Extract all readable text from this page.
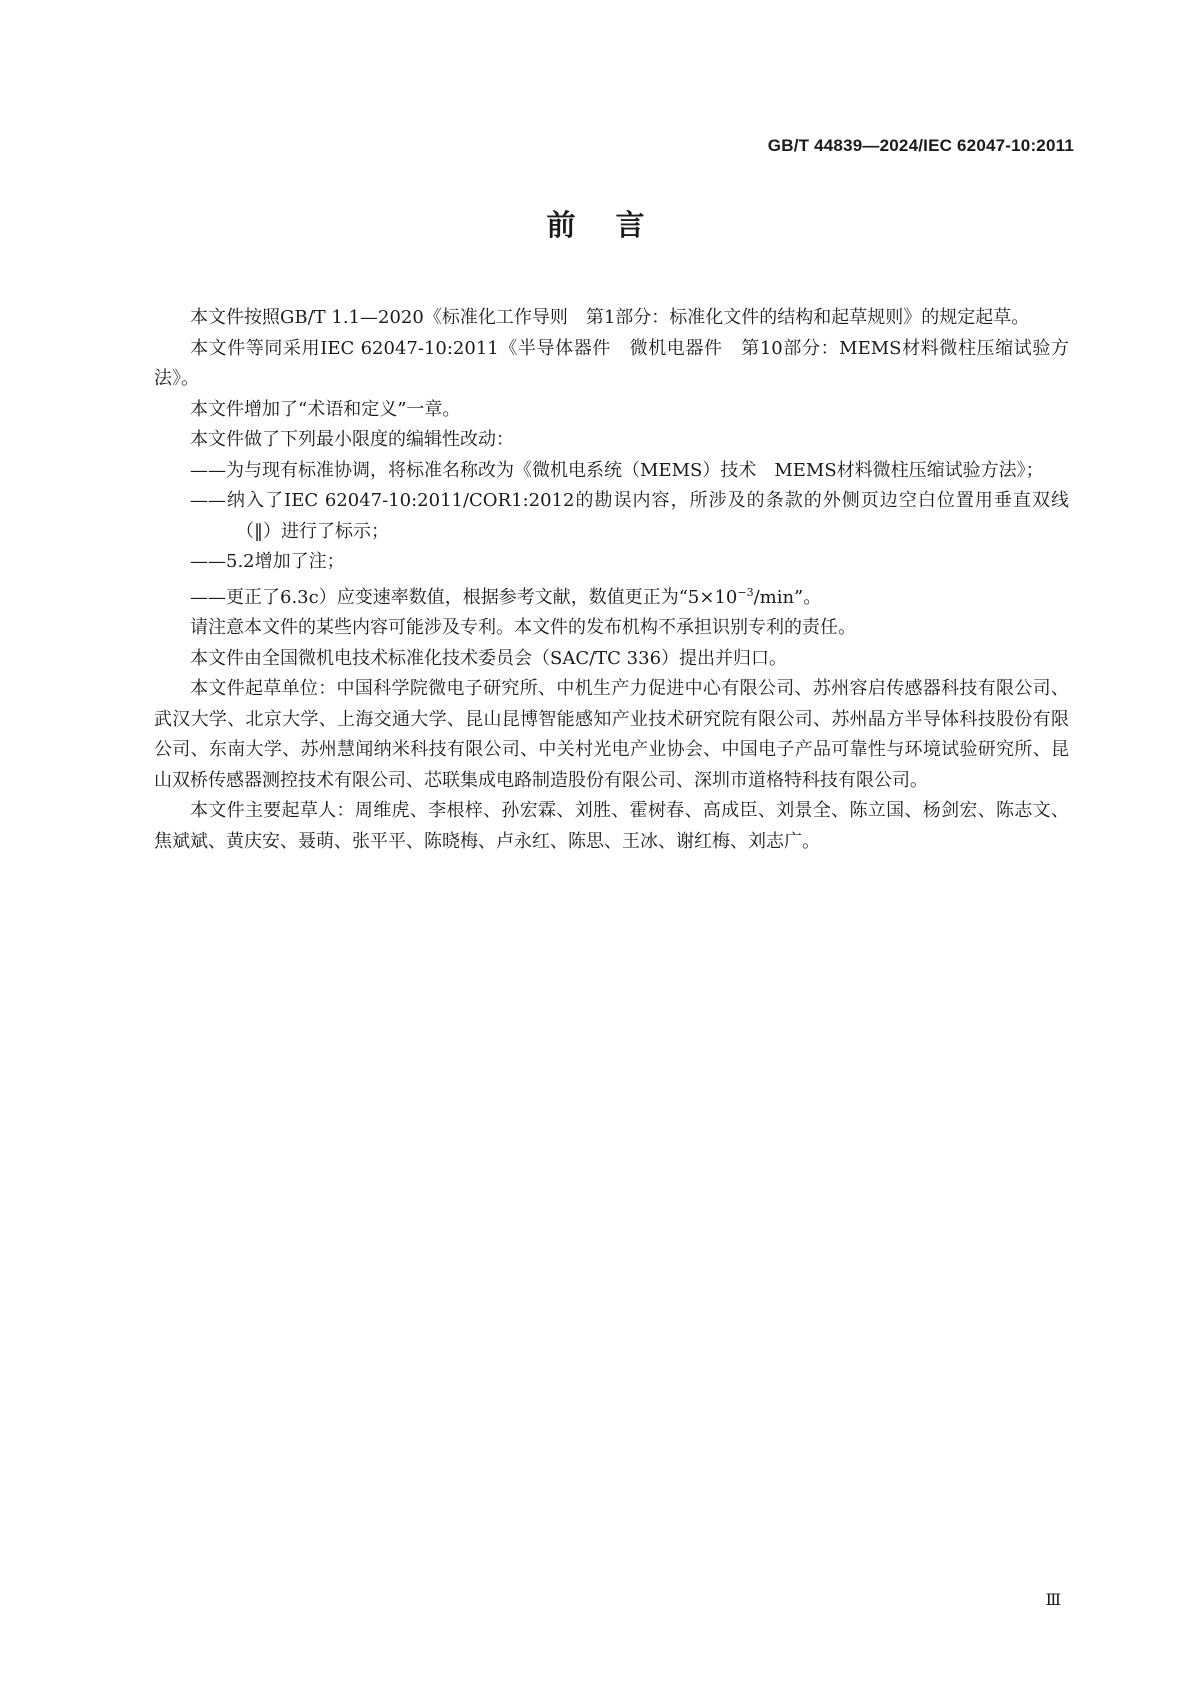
GB/T 44839—2024/IEC 62047-10:2011
前言

本文件按照GB/T 1.1—2020《标准化工作导则　第1部分：标准化文件的结构和起草规则》的规定起草。

本文件等同采用IEC 62047-10:2011《半导体器件　微机电器件　第10部分：MEMS材料微柱压缩试验方法》。

本文件增加了“术语和定义”一章。

本文件做了下列最小限度的编辑性改动：

——为与现有标准协调，将标准名称改为《微机电系统（MEMS）技术　MEMS材料微柱压缩试验方法》；

——纳入了IEC 62047-10:2011/COR1:2012的勘误内容，所涉及的条款的外侧页边空白位置用垂直双线（‖）进行了标示；

——5.2增加了注；

——更正了6.3c）应变速率数值，根据参考文献，数值更正为“$5\times 10^{-3}/\min$”。

请注意本文件的某些内容可能涉及专利。本文件的发布机构不承担识别专利的责任。

本文件由全国微机电技术标准化技术委员会（SAC/TC 336）提出并归口。

本文件起草单位：中国科学院微电子研究所、中机生产力促进中心有限公司、苏州容启传感器科技有限公司、武汉大学、北京大学、上海交通大学、昆山昆博智能感知产业技术研究院有限公司、苏州晶方半导体科技股份有限公司、东南大学、苏州慧闻纳米科技有限公司、中关村光电产业协会、中国电子产品可靠性与环境试验研究所、昆山双桥传感器测控技术有限公司、芯联集成电路制造股份有限公司、深圳市道格特科技有限公司。

本文件主要起草人：周维虎、李根梓、孙宏霖、刘胜、霍树春、高成臣、刘景全、陈立国、杨剑宏、陈志文、焦斌斌、黄庆安、聂萌、张平平、陈晓梅、卢永红、陈思、王冰、谢红梅、刘志广。

Ⅲ
